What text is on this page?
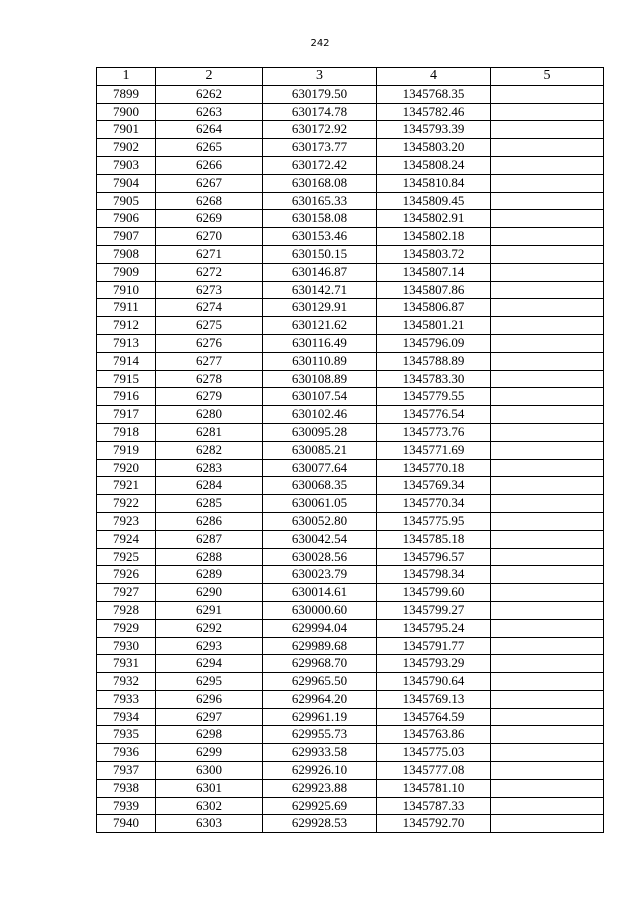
242
1	2	3	4	5
7899	6262	630179.50	1345768.35	
7900	6263	630174.78	1345782.46	
7901	6264	630172.92	1345793.39	
7902	6265	630173.77	1345803.20	
7903	6266	630172.42	1345808.24	
7904	6267	630168.08	1345810.84	
7905	6268	630165.33	1345809.45	
7906	6269	630158.08	1345802.91	
7907	6270	630153.46	1345802.18	
7908	6271	630150.15	1345803.72	
7909	6272	630146.87	1345807.14	
7910	6273	630142.71	1345807.86	
7911	6274	630129.91	1345806.87	
7912	6275	630121.62	1345801.21	
7913	6276	630116.49	1345796.09	
7914	6277	630110.89	1345788.89	
7915	6278	630108.89	1345783.30	
7916	6279	630107.54	1345779.55	
7917	6280	630102.46	1345776.54	
7918	6281	630095.28	1345773.76	
7919	6282	630085.21	1345771.69	
7920	6283	630077.64	1345770.18	
7921	6284	630068.35	1345769.34	
7922	6285	630061.05	1345770.34	
7923	6286	630052.80	1345775.95	
7924	6287	630042.54	1345785.18	
7925	6288	630028.56	1345796.57	
7926	6289	630023.79	1345798.34	
7927	6290	630014.61	1345799.60	
7928	6291	630000.60	1345799.27	
7929	6292	629994.04	1345795.24	
7930	6293	629989.68	1345791.77	
7931	6294	629968.70	1345793.29	
7932	6295	629965.50	1345790.64	
7933	6296	629964.20	1345769.13	
7934	6297	629961.19	1345764.59	
7935	6298	629955.73	1345763.86	
7936	6299	629933.58	1345775.03	
7937	6300	629926.10	1345777.08	
7938	6301	629923.88	1345781.10	
7939	6302	629925.69	1345787.33	
7940	6303	629928.53	1345792.70	
